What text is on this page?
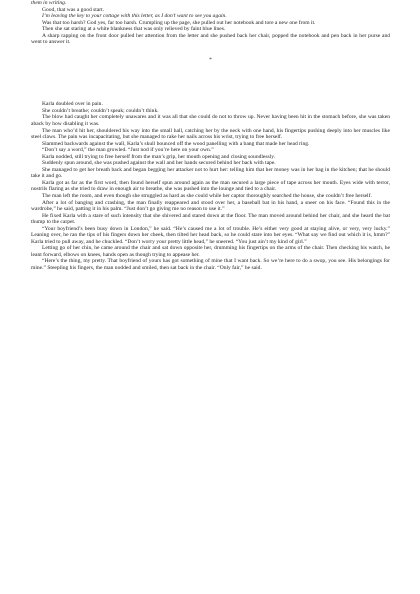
them in writing.

Good, that was a good start.

I’m leaving the key to your cottage with this letter, as I don’t want to see you again.

Was that too harsh? God yes, far too harsh. Crumpling up the page, she pulled out her notebook and tore a new one from it.

Then she sat staring at a white blankness that was only relieved by faint blue lines.

A sharp rapping on the front door pulled her attention from the letter and she pushed back her chair, popped the notebook and pen back in her purse and went to answer it.

*

Karla doubled over in pain.

She couldn’t breathe; couldn’t speak; couldn’t think.

The blow had caught her completely unawares and it was all that she could do not to throw up. Never having been hit in the stomach before, she was taken aback by how disabling it was.

The man who’d hit her, shouldered his way into the small hall, catching her by the neck with one hand, his fingertips pushing deeply into her muscles like steel claws. The pain was incapacitating, but she managed to rake her nails across his wrist, trying to free herself.

Slammed backwards against the wall, Karla’s skull bounced off the wood panelling with a bang that made her head ring.

“Don’t say a word,” the man growled. “Just nod if you’re here on your own.”

Karla nodded, still trying to free herself from the man’s grip, her mouth opening and closing soundlessly.

Suddenly spun around, she was pushed against the wall and her hands secured behind her back with tape.

She managed to get her breath back and began begging her attacker not to hurt her: telling him that her money was in her bag in the kitchen; that he should take it and go.

Karla got as far as the first word, then found herself spun around again as the man secured a large piece of tape across her mouth. Eyes wide with terror, nostrils flaring as she tried to draw in enough air to breathe, she was pushed into the lounge and tied to a chair.

The man left the room, and even though she struggled as hard as she could while her captor thoroughly searched the house, she couldn’t free herself.

After a lot of banging and crashing, the man finally reappeared and stood over her, a baseball bat in his hand, a sneer on his face. “Found this in the wardrobe,” he said, patting it in his palm. “Just don’t go giving me no reason to use it.”

He fixed Karla with a stare of such intensity that she shivered and stared down at the floor. The man moved around behind her chair, and she heard the bat thump to the carpet.

“Your boyfriend’s been busy down in London,” he said. “He’s caused me a lot of trouble. He’s either very good at staying alive, or very, very lucky.” Leaning over, he ran the tips of his fingers down her cheek, then tilted her head back, so he could stare into her eyes. “What say we find out which it is, hmm?” Karla tried to pull away, and he chuckled. “Don’t worry your pretty little head,” he sneered. “You just ain’t my kind of girl.”

Letting go of her chin, he came around the chair and sat down opposite her, drumming his fingertips on the arms of the chair. Then checking his watch, he leant forward, elbows on knees, hands open as though trying to appease her.

“Here’s the thing, my pretty. That boyfriend of yours has got something of mine that I want back. So we’re here to do a swop, you see. His belongings for mine.” Steepling his fingers, the man nodded and smiled, then sat back in the chair. “Only fair,” he said.
